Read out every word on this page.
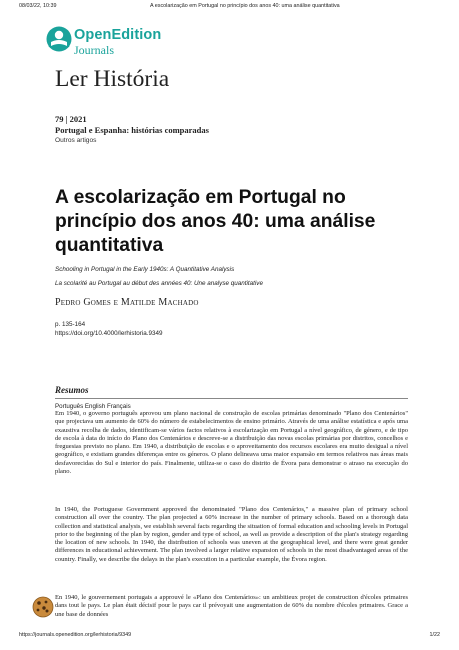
08/03/22, 10:39	A escolarização em Portugal no princípio dos anos 40: uma análise quantitativa
OpenEdition
Journals
Ler História
79 | 2021
Portugal e Espanha: histórias comparadas
Outros artigos
A escolarização em Portugal no princípio dos anos 40: uma análise quantitativa
Schooling in Portugal in the Early 1940s: A Quantitative Analysis
La scolarité au Portugal au début des années 40: Une analyse quantitative
Pedro Gomes e Matilde Machado
p. 135-164
https://doi.org/10.4000/lerhistoria.9349
Resumos
Português English Français
Em 1940, o governo português aprovou um plano nacional de construção de escolas primárias denominado "Plano dos Centenários" que projectava um aumento de 60% do número de estabelecimentos de ensino primário. Através de uma análise estatística e após uma exaustiva recolha de dados, identificam-se vários factos relativos à escolarização em Portugal a nível geográfico, de género, e de tipo de escola à data do início do Plano dos Centenários e descreve-se a distribuição das novas escolas primárias por distritos, concelhos e freguesias previsto no plano. Em 1940, a distribuição de escolas e o aproveitamento dos recursos escolares era muito desigual a nível geográfico, e existiam grandes diferenças entre os géneros. O plano delineava uma maior expansão em termos relativos nas áreas mais desfavorecidas do Sul e interior do país. Finalmente, utiliza-se o caso do distrito de Évora para demonstrar o atraso na execução do plano.
In 1940, the Portuguese Government approved the denominated "Plano dos Centenários," a massive plan of primary school construction all over the country. The plan projected a 60% increase in the number of primary schools. Based on a thorough data collection and statistical analysis, we establish several facts regarding the situation of formal education and schooling levels in Portugal prior to the beginning of the plan by region, gender and type of school, as well as provide a description of the plan's strategy regarding the location of new schools. In 1940, the distribution of schools was uneven at the geographical level, and there were great gender differences in educational achievement. The plan involved a larger relative expansion of schools in the most disadvantaged areas of the country. Finally, we describe the delays in the plan's execution in a particular example, the Évora region.
En 1940, le gouvernement portugais a approuvé le «Plano dos Centenários»: un ambitieux projet de construction d'écoles primaires dans tout le pays. Le plan était décisif pour le pays car il prévoyait une augmentation de 60% du nombre d'écoles primaires. Grace a une base de données
https://journals.openedition.org/lerhistoria/9349	1/22
